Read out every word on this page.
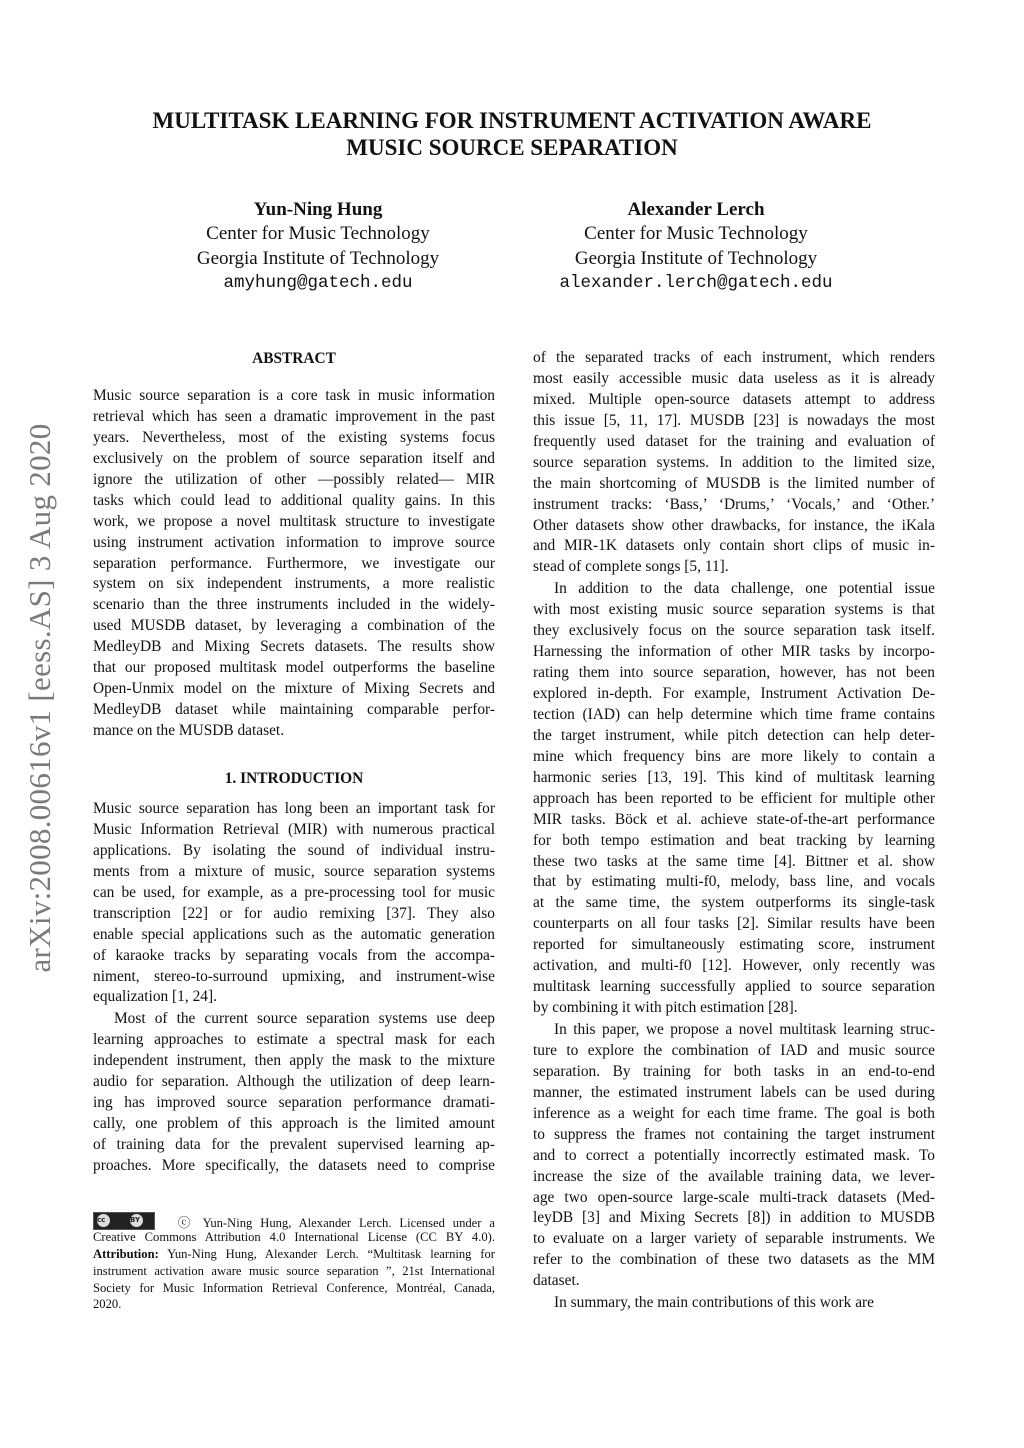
arXiv:2008.00616v1 [eess.AS] 3 Aug 2020
MULTITASK LEARNING FOR INSTRUMENT ACTIVATION AWARE
MUSIC SOURCE SEPARATION
Yun-Ning Hung
Center for Music Technology
Georgia Institute of Technology
amyhung@gatech.edu
Alexander Lerch
Center for Music Technology
Georgia Institute of Technology
alexander.lerch@gatech.edu
ABSTRACT
Music source separation is a core task in music information
retrieval which has seen a dramatic improvement in the past
years. Nevertheless, most of the existing systems focus
exclusively on the problem of source separation itself and
ignore the utilization of other —possibly related— MIR
tasks which could lead to additional quality gains. In this
work, we propose a novel multitask structure to investigate
using instrument activation information to improve source
separation performance. Furthermore, we investigate our
system on six independent instruments, a more realistic
scenario than the three instruments included in the widely-
used MUSDB dataset, by leveraging a combination of the
MedleyDB and Mixing Secrets datasets. The results show
that our proposed multitask model outperforms the baseline
Open-Unmix model on the mixture of Mixing Secrets and
MedleyDB dataset while maintaining comparable perfor-
mance on the MUSDB dataset.
1. INTRODUCTION
Music source separation has long been an important task for
Music Information Retrieval (MIR) with numerous practical
applications. By isolating the sound of individual instru-
ments from a mixture of music, source separation systems
can be used, for example, as a pre-processing tool for music
transcription [22] or for audio remixing [37]. They also
enable special applications such as the automatic generation
of karaoke tracks by separating vocals from the accompa-
niment, stereo-to-surround upmixing, and instrument-wise
equalization [1, 24].
Most of the current source separation systems use deep
learning approaches to estimate a spectral mask for each
independent instrument, then apply the mask to the mixture
audio for separation. Although the utilization of deep learn-
ing has improved source separation performance dramati-
cally, one problem of this approach is the limited amount
of training data for the prevalent supervised learning ap-
proaches. More specifically, the datasets need to comprise
of the separated tracks of each instrument, which renders
most easily accessible music data useless as it is already
mixed. Multiple open-source datasets attempt to address
this issue [5, 11, 17]. MUSDB [23] is nowadays the most
frequently used dataset for the training and evaluation of
source separation systems. In addition to the limited size,
the main shortcoming of MUSDB is the limited number of
instrument tracks: ‘Bass,’ ‘Drums,’ ‘Vocals,’ and ‘Other.’
Other datasets show other drawbacks, for instance, the iKala
and MIR-1K datasets only contain short clips of music in-
stead of complete songs [5, 11].
In addition to the data challenge, one potential issue
with most existing music source separation systems is that
they exclusively focus on the source separation task itself.
Harnessing the information of other MIR tasks by incorpo-
rating them into source separation, however, has not been
explored in-depth. For example, Instrument Activation De-
tection (IAD) can help determine which time frame contains
the target instrument, while pitch detection can help deter-
mine which frequency bins are more likely to contain a
harmonic series [13, 19]. This kind of multitask learning
approach has been reported to be efficient for multiple other
MIR tasks. Böck et al. achieve state-of-the-art performance
for both tempo estimation and beat tracking by learning
these two tasks at the same time [4]. Bittner et al. show
that by estimating multi-f0, melody, bass line, and vocals
at the same time, the system outperforms its single-task
counterparts on all four tasks [2]. Similar results have been
reported for simultaneously estimating score, instrument
activation, and multi-f0 [12]. However, only recently was
multitask learning successfully applied to source separation
by combining it with pitch estimation [28].
In this paper, we propose a novel multitask learning struc-
ture to explore the combination of IAD and music source
separation. By training for both tasks in an end-to-end
manner, the estimated instrument labels can be used during
inference as a weight for each time frame. The goal is both
to suppress the frames not containing the target instrument
and to correct a potentially incorrectly estimated mask. To
increase the size of the available training data, we lever-
age two open-source large-scale multi-track datasets (Med-
leyDB [3] and Mixing Secrets [8]) in addition to MUSDB
to evaluate on a larger variety of separable instruments. We
refer to the combination of these two datasets as the MM
dataset.
In summary, the main contributions of this work are
cc	BY	ⓒ Yun-Ning Hung, Alexander Lerch. Licensed under a
Creative Commons Attribution 4.0 International License (CC BY 4.0).
Attribution: Yun-Ning Hung, Alexander Lerch. “Multitask learning for
instrument activation aware music source separation ”, 21st International
Society for Music Information Retrieval Conference, Montréal, Canada,
2020.
